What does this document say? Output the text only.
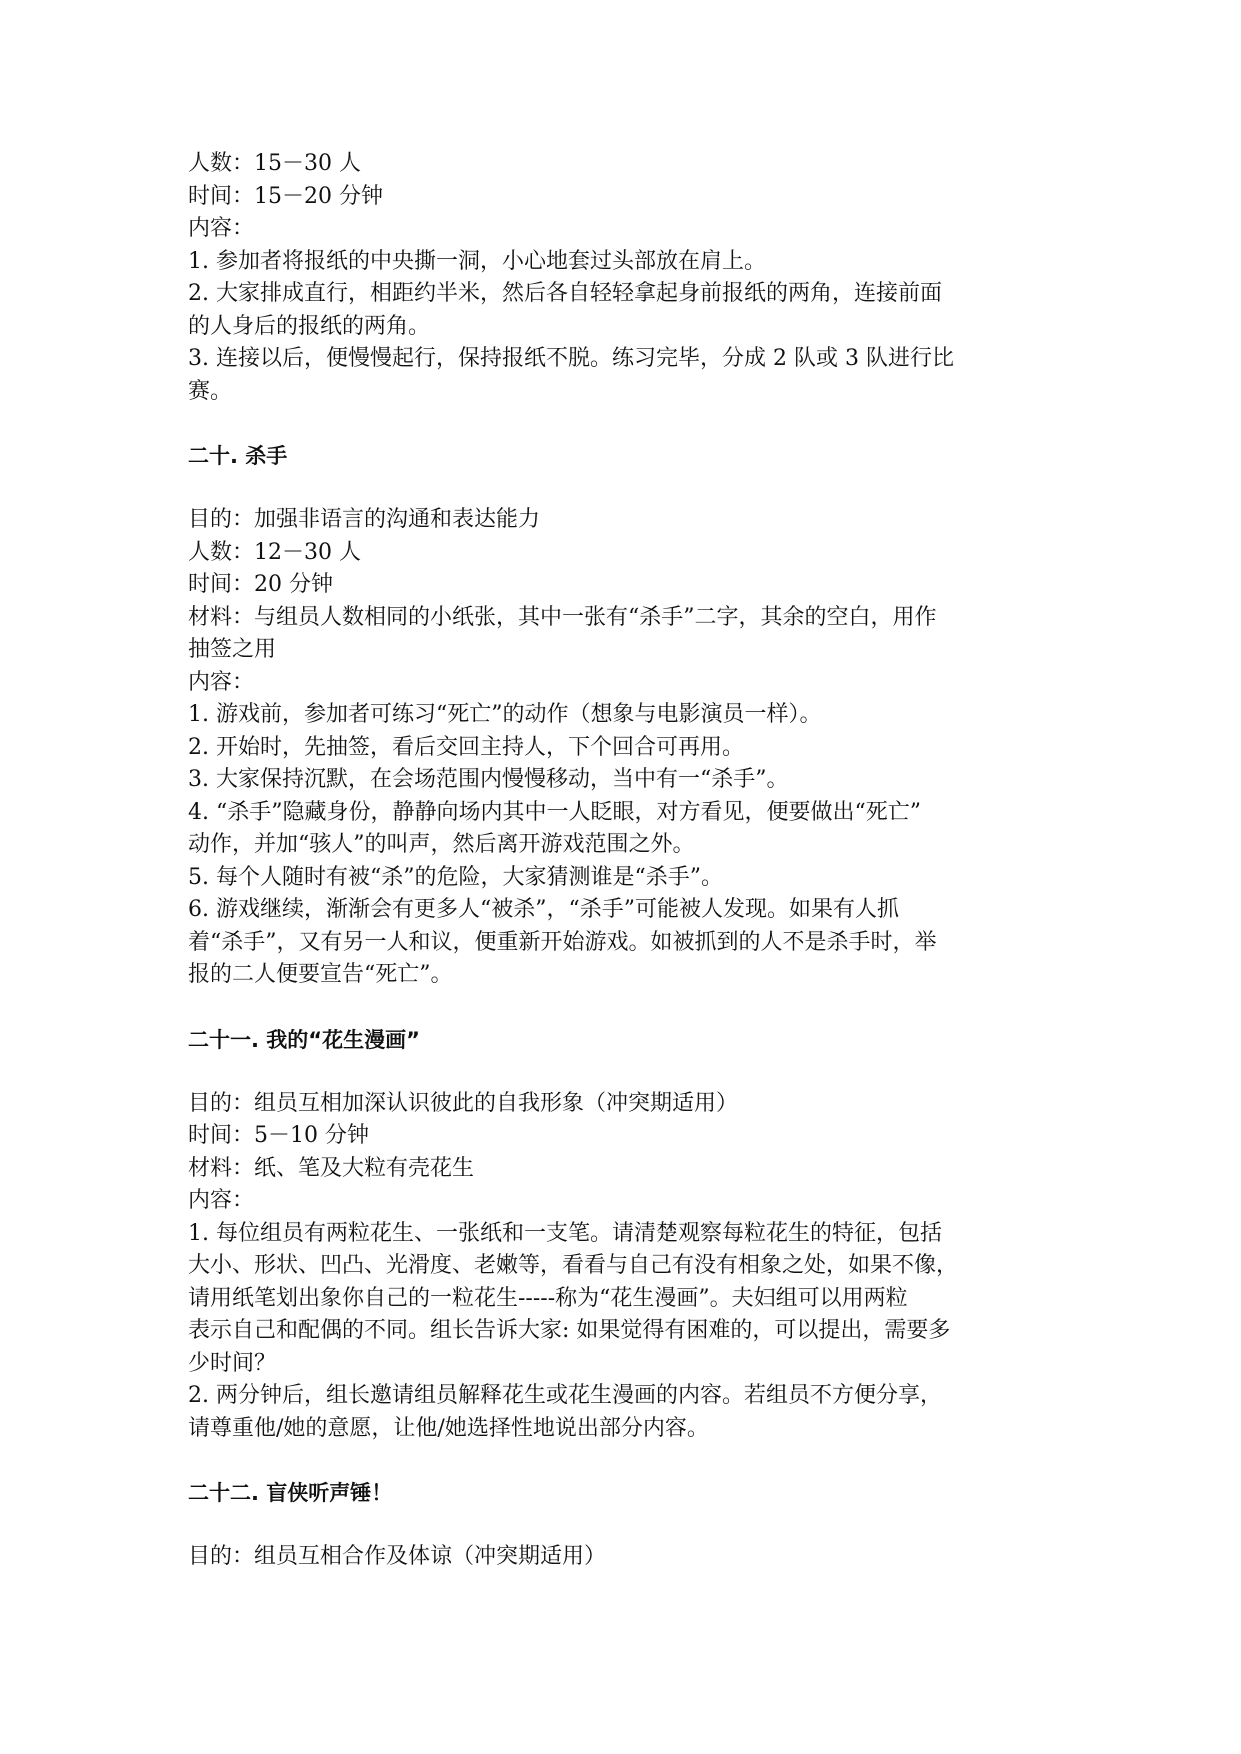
人数：15－30 人
时间：15－20 分钟
内容：
1. 参加者将报纸的中央撕一洞，小心地套过头部放在肩上。
2. 大家排成直行，相距约半米，然后各自轻轻拿起身前报纸的两角，连接前面
的人身后的报纸的两角。
3. 连接以后，便慢慢起行，保持报纸不脱。练习完毕，分成 2 队或 3 队进行比
赛。
二十. 杀手
目的：加强非语言的沟通和表达能力
人数：12－30 人
时间：20 分钟
材料：与组员人数相同的小纸张，其中一张有“杀手”二字，其余的空白，用作
抽签之用
内容：
1. 游戏前，参加者可练习“死亡”的动作（想象与电影演员一样）。
2. 开始时，先抽签，看后交回主持人，下个回合可再用。
3. 大家保持沉默，在会场范围内慢慢移动，当中有一“杀手”。
4. “杀手”隐藏身份，静静向场内其中一人眨眼，对方看见，便要做出“死亡”
动作，并加“骇人”的叫声，然后离开游戏范围之外。
5. 每个人随时有被“杀”的危险，大家猜测谁是“杀手”。
6. 游戏继续，渐渐会有更多人“被杀”，“杀手”可能被人发现。如果有人抓
着“杀手”，又有另一人和议，便重新开始游戏。如被抓到的人不是杀手时，举
报的二人便要宣告“死亡”。
二十一. 我的“花生漫画”
目的：组员互相加深认识彼此的自我形象（冲突期适用）
时间：5－10 分钟
材料：纸、笔及大粒有壳花生
内容：
1. 每位组员有两粒花生、一张纸和一支笔。请清楚观察每粒花生的特征，包括
大小、形状、凹凸、光滑度、老嫩等，看看与自己有没有相象之处，如果不像，
请用纸笔划出象你自己的一粒花生-----称为“花生漫画”。夫妇组可以用两粒
表示自己和配偶的不同。组长告诉大家: 如果觉得有困难的，可以提出，需要多
少时间？
2. 两分钟后，组长邀请组员解释花生或花生漫画的内容。若组员不方便分享，
请尊重他/她的意愿，让他/她选择性地说出部分内容。
二十二. 盲侠听声锤！
目的：组员互相合作及体谅（冲突期适用）
